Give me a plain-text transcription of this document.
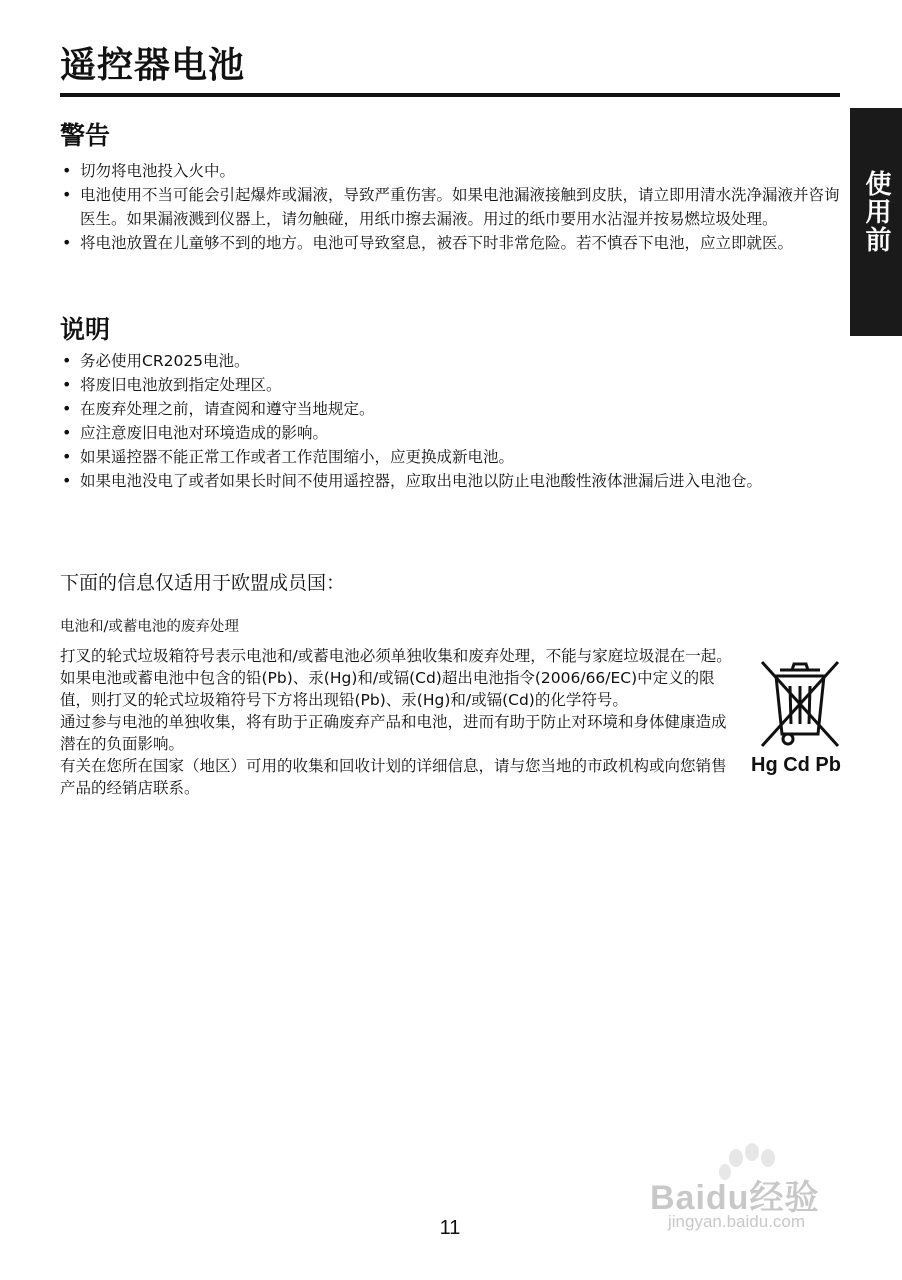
遥控器电池
使用前
警告
• 切勿将电池投入火中。
• 电池使用不当可能会引起爆炸或漏液，导致严重伤害。如果电池漏液接触到皮肤，请立即用清水洗净漏液并咨询医生。如果漏液溅到仪器上，请勿触碰，用纸巾擦去漏液。用过的纸巾要用水沾湿并按易燃垃圾处理。
• 将电池放置在儿童够不到的地方。电池可导致窒息，被吞下时非常危险。若不慎吞下电池，应立即就医。
说明
• 务必使用CR2025电池。
• 将废旧电池放到指定处理区。
• 在废弃处理之前，请查阅和遵守当地规定。
• 应注意废旧电池对环境造成的影响。
• 如果遥控器不能正常工作或者工作范围缩小，应更换成新电池。
• 如果电池没电了或者如果长时间不使用遥控器，应取出电池以防止电池酸性液体泄漏后进入电池仓。
下面的信息仅适用于欧盟成员国：

电池和/或蓄电池的废弃处理

打叉的轮式垃圾箱符号表示电池和/或蓄电池必须单独收集和废弃处理，不能与家庭垃圾混在一起。

如果电池或蓄电池中包含的铅(Pb)、汞(Hg)和/或镉(Cd)超出电池指令(2006/66/EC)中定义的限值，则打叉的轮式垃圾箱符号下方将出现铅(Pb)、汞(Hg)和/或镉(Cd)的化学符号。

通过参与电池的单独收集，将有助于正确废弃产品和电池，进而有助于防止对环境和身体健康造成潜在的负面影响。

有关在您所在国家（地区）可用的收集和回收计划的详细信息，请与您当地的市政机构或向您销售产品的经销店联系。

Hg Cd Pb

11

Baidu经验
jingyan.baidu.com
